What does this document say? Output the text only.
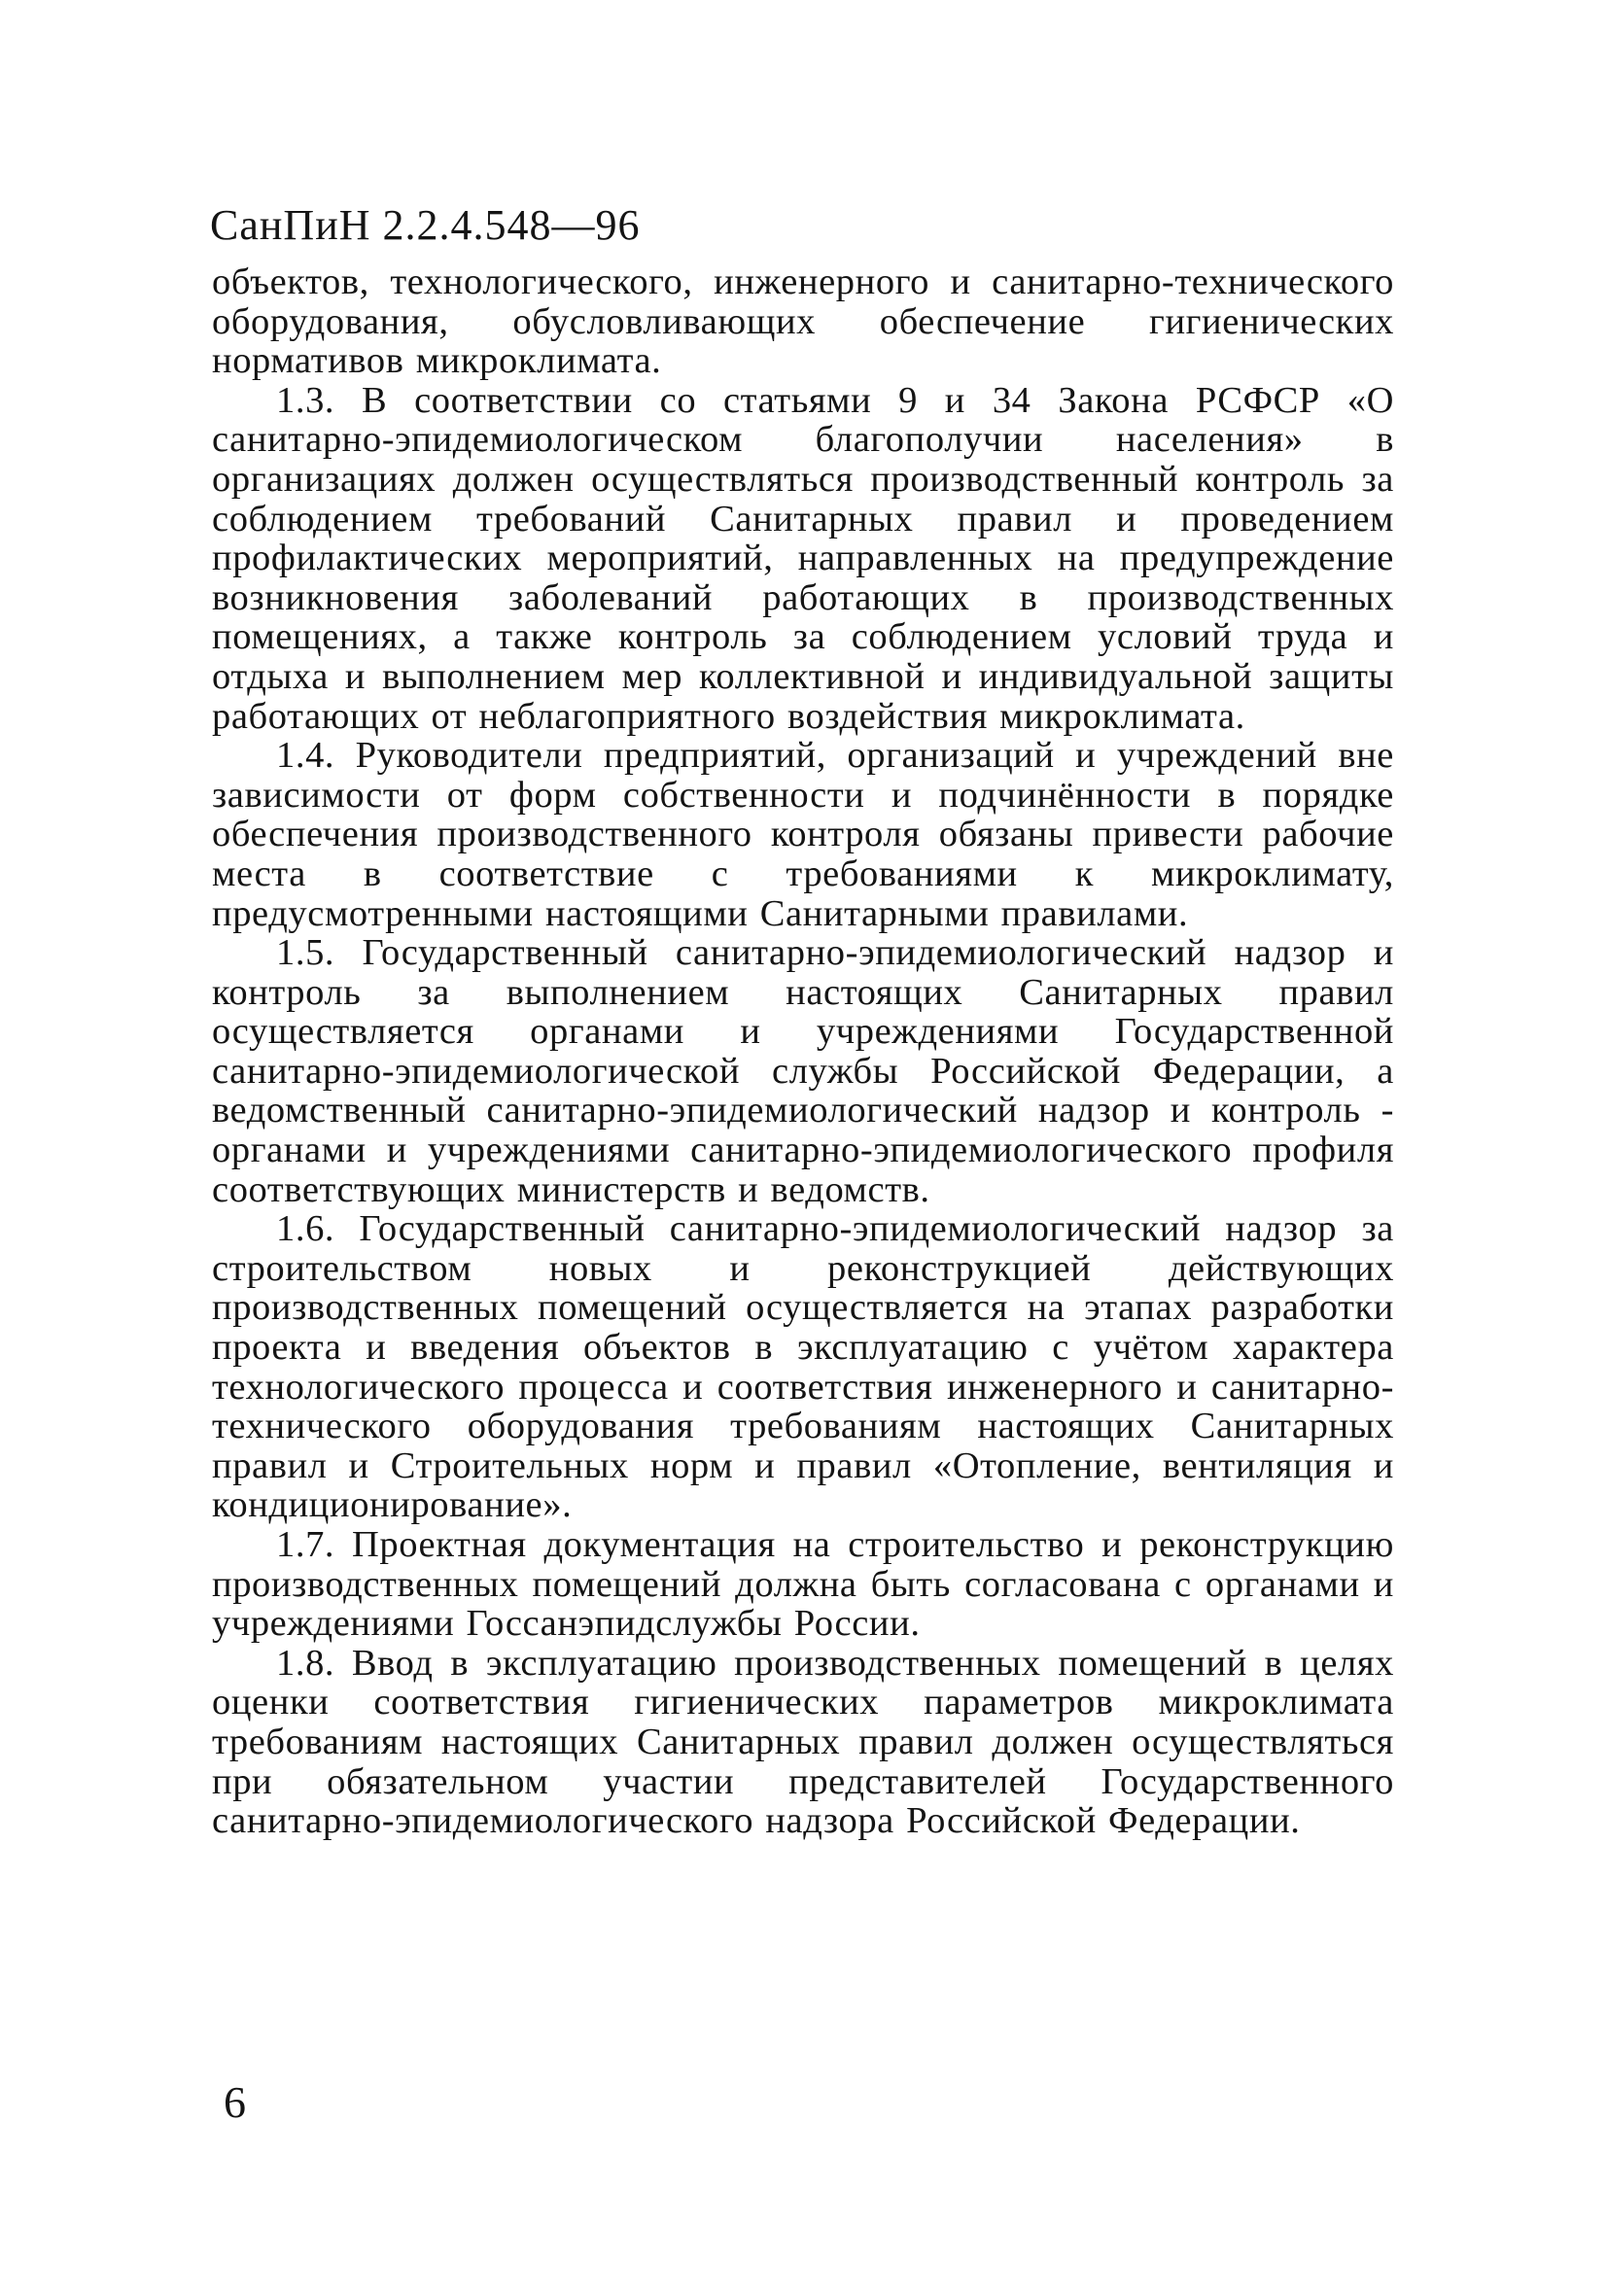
СанПиН 2.2.4.548—96

объектов, технологического, инженерного и санитарно-технического оборудования, обусловливающих обеспечение гигиенических нормативов микроклимата.

1.3. В соответствии со статьями 9 и 34 Закона РСФСР «О санитарно-эпидемиологическом благополучии населения» в организациях должен осуществляться производственный контроль за соблюдением требований Санитарных правил и проведением профилактических мероприятий, направленных на предупреждение возникновения заболеваний работающих в производственных помещениях, а также контроль за соблюдением условий труда и отдыха и выполнением мер коллективной и индивидуальной защиты работающих от неблагоприятного воздействия микроклимата.

1.4. Руководители предприятий, организаций и учреждений вне зависимости от форм собственности и подчинённости в порядке обеспечения производственного контроля обязаны привести рабочие места в соответствие с требованиями к микроклимату, предусмотренными настоящими Санитарными правилами.

1.5. Государственный санитарно-эпидемиологический надзор и контроль за выполнением настоящих Санитарных правил осуществляется органами и учреждениями Государственной санитарно-эпидемиологической службы Российской Федерации, а ведомственный санитарно-эпидемиологический надзор и контроль - органами и учреждениями санитарно-эпидемиологического профиля соответствующих министерств и ведомств.

1.6. Государственный санитарно-эпидемиологический надзор за строительством новых и реконструкцией действующих производственных помещений осуществляется на этапах разработки проекта и введения объектов в эксплуатацию с учётом характера технологического процесса и соответствия инженерного и санитарно-технического оборудования требованиям настоящих Санитарных правил и Строительных норм и правил «Отопление, вентиляция и кондиционирование».

1.7. Проектная документация на строительство и реконструкцию производственных помещений должна быть согласована с органами и учреждениями Госсанэпидслужбы России.

1.8. Ввод в эксплуатацию производственных помещений в целях оценки соответствия гигиенических параметров микроклимата требованиям настоящих Санитарных правил должен осуществляться при обязательном участии представителей Государственного санитарно-эпидемиологического надзора Российской Федерации.

6
